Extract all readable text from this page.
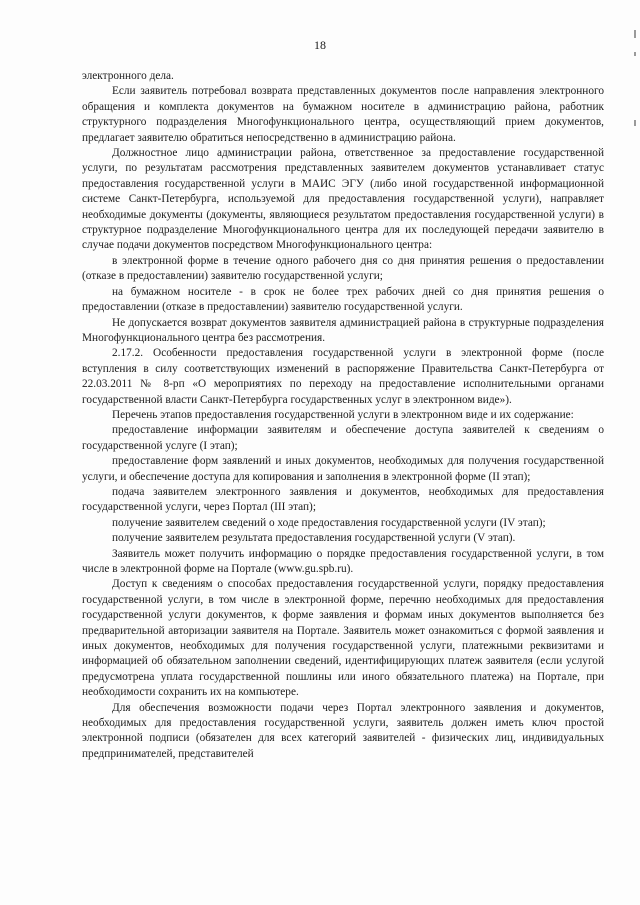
18

электронного дела.

Если заявитель потребовал возврата представленных документов после направления электронного обращения и комплекта документов на бумажном носителе в администрацию района, работник структурного подразделения Многофункционального центра, осуществляющий прием документов, предлагает заявителю обратиться непосредственно в администрацию района.

Должностное лицо администрации района, ответственное за предоставление государственной услуги, по результатам рассмотрения представленных заявителем документов устанавливает статус предоставления государственной услуги в МАИС ЭГУ (либо иной государственной информационной системе Санкт-Петербурга, используемой для предоставления государственной услуги), направляет необходимые документы (документы, являющиеся результатом предоставления государственной услуги) в структурное подразделение Многофункционального центра для их последующей передачи заявителю в случае подачи документов посредством Многофункционального центра:

в электронной форме в течение одного рабочего дня со дня принятия решения о предоставлении (отказе в предоставлении) заявителю государственной услуги;

на бумажном носителе - в срок не более трех рабочих дней со дня принятия решения о предоставлении (отказе в предоставлении) заявителю государственной услуги.

Не допускается возврат документов заявителя администрацией района в структурные подразделения Многофункционального центра без рассмотрения.

2.17.2. Особенности предоставления государственной услуги в электронной форме (после вступления в силу соответствующих изменений в распоряжение Правительства Санкт-Петербурга от 22.03.2011 № 8-рп «О мероприятиях по переходу на предоставление исполнительными органами государственной власти Санкт-Петербурга государственных услуг в электронном виде»).

Перечень этапов предоставления государственной услуги в электронном виде и их содержание:

предоставление информации заявителям и обеспечение доступа заявителей к сведениям о государственной услуге (I этап);

предоставление форм заявлений и иных документов, необходимых для получения государственной услуги, и обеспечение доступа для копирования и заполнения в электронной форме (II этап);

подача заявителем электронного заявления и документов, необходимых для предоставления государственной услуги, через Портал (III этап);

получение заявителем сведений о ходе предоставления государственной услуги (IV этап);

получение заявителем результата предоставления государственной услуги (V этап).

Заявитель может получить информацию о порядке предоставления государственной услуги, в том числе в электронной форме на Портале (www.gu.spb.ru).

Доступ к сведениям о способах предоставления государственной услуги, порядку предоставления государственной услуги, в том числе в электронной форме, перечню необходимых для предоставления государственной услуги документов, к форме заявления и формам иных документов выполняется без предварительной авторизации заявителя на Портале. Заявитель может ознакомиться с формой заявления и иных документов, необходимых для получения государственной услуги, платежными реквизитами и информацией об обязательном заполнении сведений, идентифицирующих платеж заявителя (если услугой предусмотрена уплата государственной пошлины или иного обязательного платежа) на Портале, при необходимости сохранить их на компьютере.

Для обеспечения возможности подачи через Портал электронного заявления и документов, необходимых для предоставления государственной услуги, заявитель должен иметь ключ простой электронной подписи (обязателен для всех категорий заявителей - физических лиц, индивидуальных предпринимателей, представителей
